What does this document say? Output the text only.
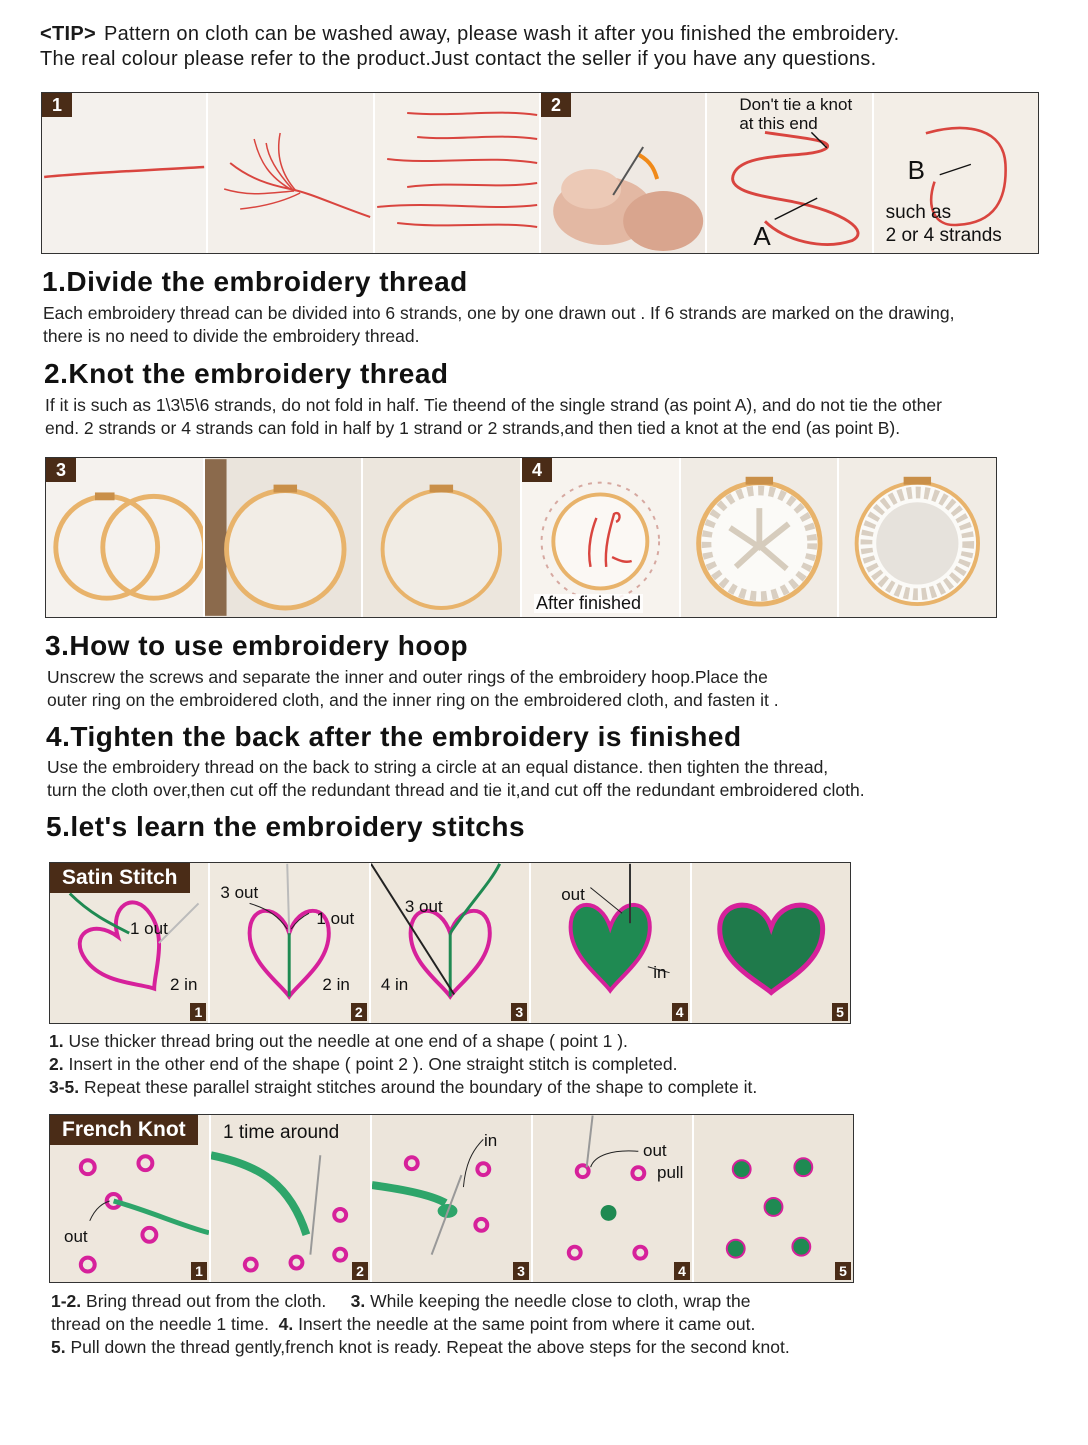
<TIP> Pattern on cloth can be washed away, please wash it after you finished the embroidery.
The real colour please refer to the product.Just contact the seller if you have any questions.
1	2	Don't tie a knot
at this end
A
B
such as
2 or 4 strands
1.Divide the embroidery thread
Each embroidery thread can be divided into 6 strands, one by one drawn out . If 6 strands are marked on the drawing,
there is no need to divide the embroidery thread.
2.Knot the embroidery thread
If it is such as 1\3\5\6 strands, do not fold in half. Tie theend of the single strand (as point A), and do not tie the other
end. 2 strands or 4 strands can fold in half by 1 strand or 2 strands,and then tied a knot at the end (as point B).
3	4
After finished
3.How to use embroidery hoop
Unscrew the screws and separate the inner and outer rings of the embroidery hoop.Place the
outer ring on the embroidered cloth, and the inner ring on the embroidered cloth, and fasten it .
4.Tighten the back after the embroidery is finished
Use the embroidery thread on the back to string a circle at an equal distance. then tighten the thread,
turn the cloth over,then cut off the redundant thread and tie it,and cut off the redundant embroidered cloth.
5.let's learn the embroidery stitchs
Satin Stitch
1 out
2 in
1
3 out
1 out
2 in
2
3 out
4 in
3
out
in
4	5
1. Use thicker thread bring out the needle at one end of a shape ( point 1 ).
2. Insert in the other end of the shape ( point 2 ). One straight stitch is completed.
3-5. Repeat these parallel straight stitches around the boundary of the shape to complete it.
French Knot
out
1
1 time around
2
in
3
out
pull
4	5
1-2. Bring thread out from the cloth. 3. While keeping the needle close to cloth, wrap the
thread on the needle 1 time. 4. Insert the needle at the same point from where it came out.
5. Pull down the thread gently,french knot is ready. Repeat the above steps for the second knot.
